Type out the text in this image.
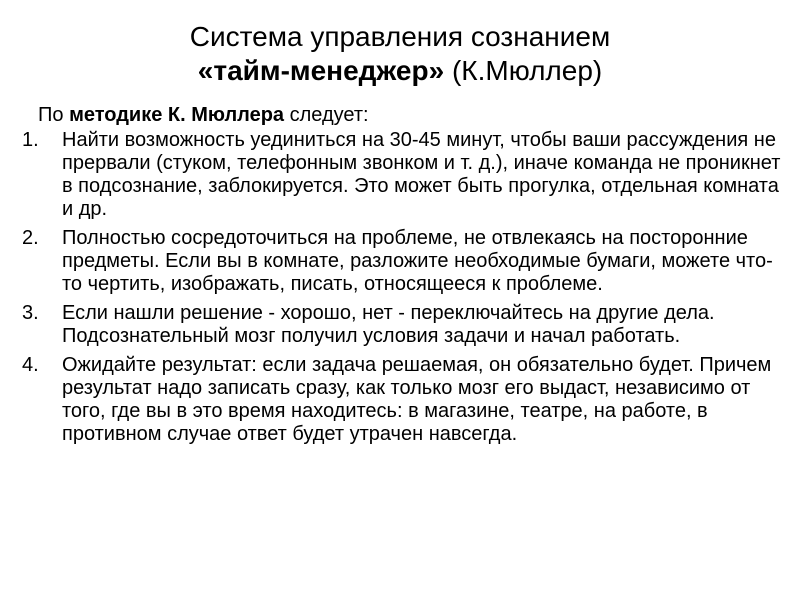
Система управления сознанием
«тайм-менеджер» (К.Мюллер)
По методике К. Мюллера следует:
1. Найти возможность уединиться на 30-45 минут, чтобы ваши рассуждения не прервали (стуком, телефонным звонком и т. д.), иначе команда не проникнет в подсознание, заблокируется. Это может быть прогулка, отдельная комната и др.
2. Полностью сосредоточиться на проблеме, не отвлекаясь на посторонние предметы. Если вы в комнате, разложите необходимые бумаги, можете что-то чертить, изображать, писать, относящееся к проблеме.
3. Если нашли решение - хорошо, нет - переключайтесь на другие дела. Подсознательный мозг получил условия задачи и начал работать.
4. Ожидайте результат: если задача решаемая, он обязательно будет. Причем результат надо записать сразу, как только мозг его выдаст, независимо от того, где вы в это время находитесь: в магазине, театре, на работе, в противном случае ответ будет утрачен навсегда.
